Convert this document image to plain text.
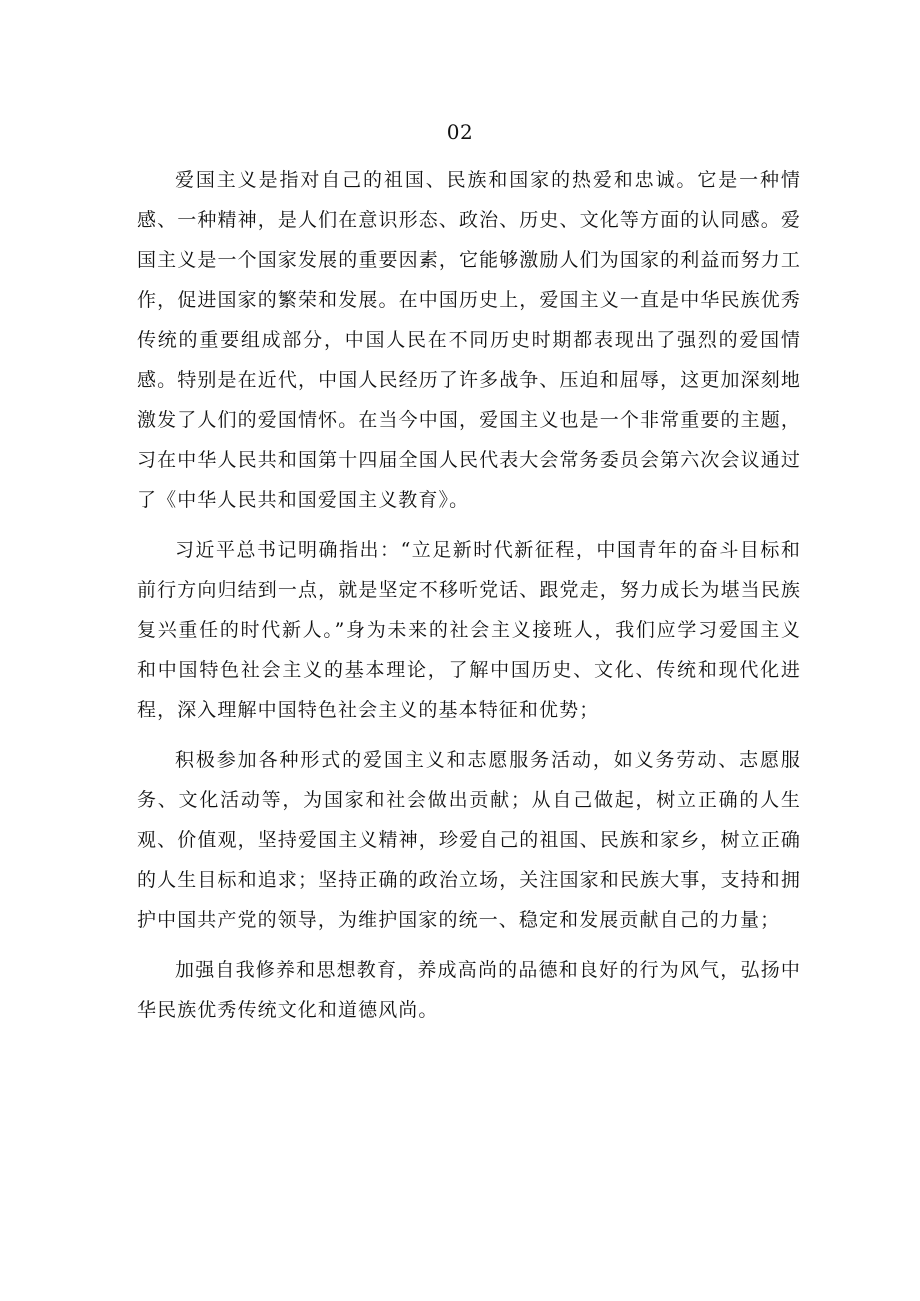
02

爱国主义是指对自己的祖国、民族和国家的热爱和忠诚。它是一种情感、一种精神，是人们在意识形态、政治、历史、文化等方面的认同感。爱国主义是一个国家发展的重要因素，它能够激励人们为国家的利益而努力工作，促进国家的繁荣和发展。在中国历史上，爱国主义一直是中华民族优秀传统的重要组成部分，中国人民在不同历史时期都表现出了强烈的爱国情感。特别是在近代，中国人民经历了许多战争、压迫和屈辱，这更加深刻地激发了人们的爱国情怀。在当今中国，爱国主义也是一个非常重要的主题，习在中华人民共和国第十四届全国人民代表大会常务委员会第六次会议通过了《中华人民共和国爱国主义教育》。

习近平总书记明确指出：“立足新时代新征程，中国青年的奋斗目标和前行方向归结到一点，就是坚定不移听党话、跟党走，努力成长为堪当民族复兴重任的时代新人。”身为未来的社会主义接班人，我们应学习爱国主义和中国特色社会主义的基本理论，了解中国历史、文化、传统和现代化进程，深入理解中国特色社会主义的基本特征和优势；

积极参加各种形式的爱国主义和志愿服务活动，如义务劳动、志愿服务、文化活动等，为国家和社会做出贡献；从自己做起，树立正确的人生观、价值观，坚持爱国主义精神，珍爱自己的祖国、民族和家乡，树立正确的人生目标和追求；坚持正确的政治立场，关注国家和民族大事，支持和拥护中国共产党的领导，为维护国家的统一、稳定和发展贡献自己的力量；

加强自我修养和思想教育，养成高尚的品德和良好的行为风气，弘扬中华民族优秀传统文化和道德风尚。
